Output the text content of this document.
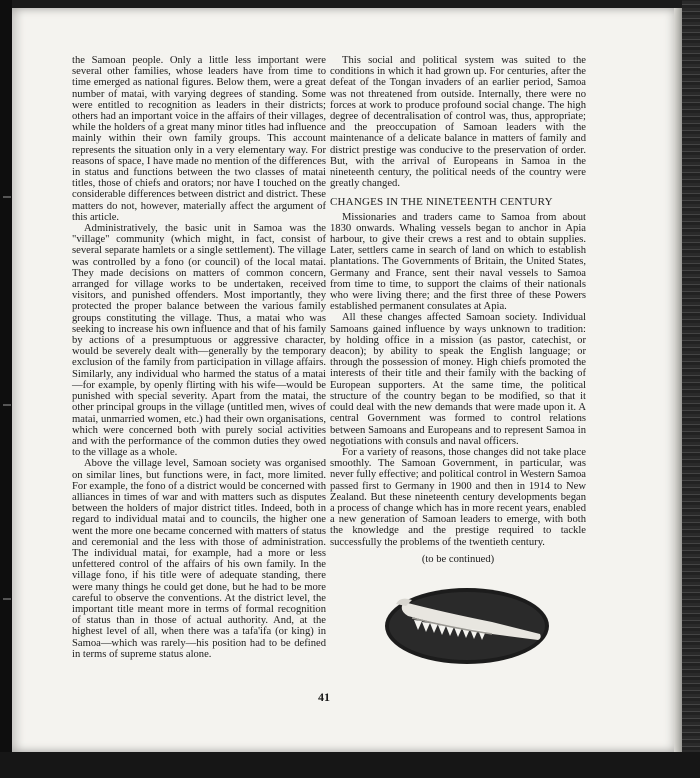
the Samoan people. Only a little less important were several other families, whose leaders have from time to time emerged as national figures. Below them, were a great number of matai, with varying degrees of standing. Some were entitled to recognition as leaders in their districts; others had an important voice in the affairs of their villages, while the holders of a great many minor titles had influence mainly within their own family groups. This account represents the situation only in a very elementary way. For reasons of space, I have made no mention of the differences in status and functions between the two classes of matai titles, those of chiefs and orators; nor have I touched on the considerable differences between district and district. These matters do not, however, materially affect the argument of this article.

Administratively, the basic unit in Samoa was the "village" community (which might, in fact, consist of several separate hamlets or a single settlement). The village was controlled by a fono (or council) of the local matai. They made decisions on matters of common concern, arranged for village works to be undertaken, received visitors, and punished offenders. Most importantly, they protected the proper balance between the various family groups constituting the village. Thus, a matai who was seeking to increase his own influence and that of his family by actions of a presumptuous or aggressive character, would be severely dealt with—generally by the temporary exclusion of the family from participation in village affairs. Similarly, any individual who harmed the status of a matai—for example, by openly flirting with his wife—would be punished with special severity. Apart from the matai, the other principal groups in the village (untitled men, wives of matai, unmarried women, etc.) had their own organisations, which were concerned both with purely social activities and with the performance of the common duties they owed to the village as a whole.

Above the village level, Samoan society was organised on similar lines, but functions were, in fact, more limited. For example, the fono of a district would be concerned with alliances in times of war and with matters such as disputes between the holders of major district titles. Indeed, both in regard to individual matai and to councils, the higher one went the more one became concerned with matters of status and ceremonial and the less with those of administration. The individual matai, for example, had a more or less unfettered control of the affairs of his own family. In the village fono, if his title were of adequate standing, there were many things he could get done, but he had to be more careful to observe the conventions. At the district level, the important title meant more in terms of formal recognition of status than in those of actual authority. And, at the highest level of all, when there was a tafa'ifa (or king) in Samoa—which was rarely—his position had to be defined in terms of supreme status alone.

This social and political system was suited to the conditions in which it had grown up. For centuries, after the defeat of the Tongan invaders of an earlier period, Samoa was not threatened from outside. Internally, there were no forces at work to produce profound social change. The high degree of decentralisation of control was, thus, appropriate; and the preoccupation of Samoan leaders with the maintenance of a delicate balance in matters of family and district prestige was conducive to the preservation of order. But, with the arrival of Europeans in Samoa in the nineteenth century, the political needs of the country were greatly changed.

CHANGES IN THE NINETEENTH CENTURY

Missionaries and traders came to Samoa from about 1830 onwards. Whaling vessels began to anchor in Apia harbour, to give their crews a rest and to obtain supplies. Later, settlers came in search of land on which to establish plantations. The Governments of Britain, the United States, Germany and France, sent their naval vessels to Samoa from time to time, to support the claims of their nationals who were living there; and the first three of these Powers established permanent consulates at Apia.

All these changes affected Samoan society. Individual Samoans gained influence by ways unknown to tradition: by holding office in a mission (as pastor, catechist, or deacon); by ability to speak the English language; or through the possession of money. High chiefs promoted the interests of their title and their family with the backing of European supporters. At the same time, the political structure of the country began to be modified, so that it could deal with the new demands that were made upon it. A central Government was formed to control relations between Samoans and Europeans and to represent Samoa in negotiations with consuls and naval officers.

For a variety of reasons, those changes did not take place smoothly. The Samoan Government, in particular, was never fully effective; and political control in Western Samoa passed first to Germany in 1900 and then in 1914 to New Zealand. But these nineteenth century developments began a process of change which has in more recent years, enabled a new generation of Samoan leaders to emerge, with both the knowledge and the prestige required to tackle successfully the problems of the twentieth century.

(to be continued)

41
